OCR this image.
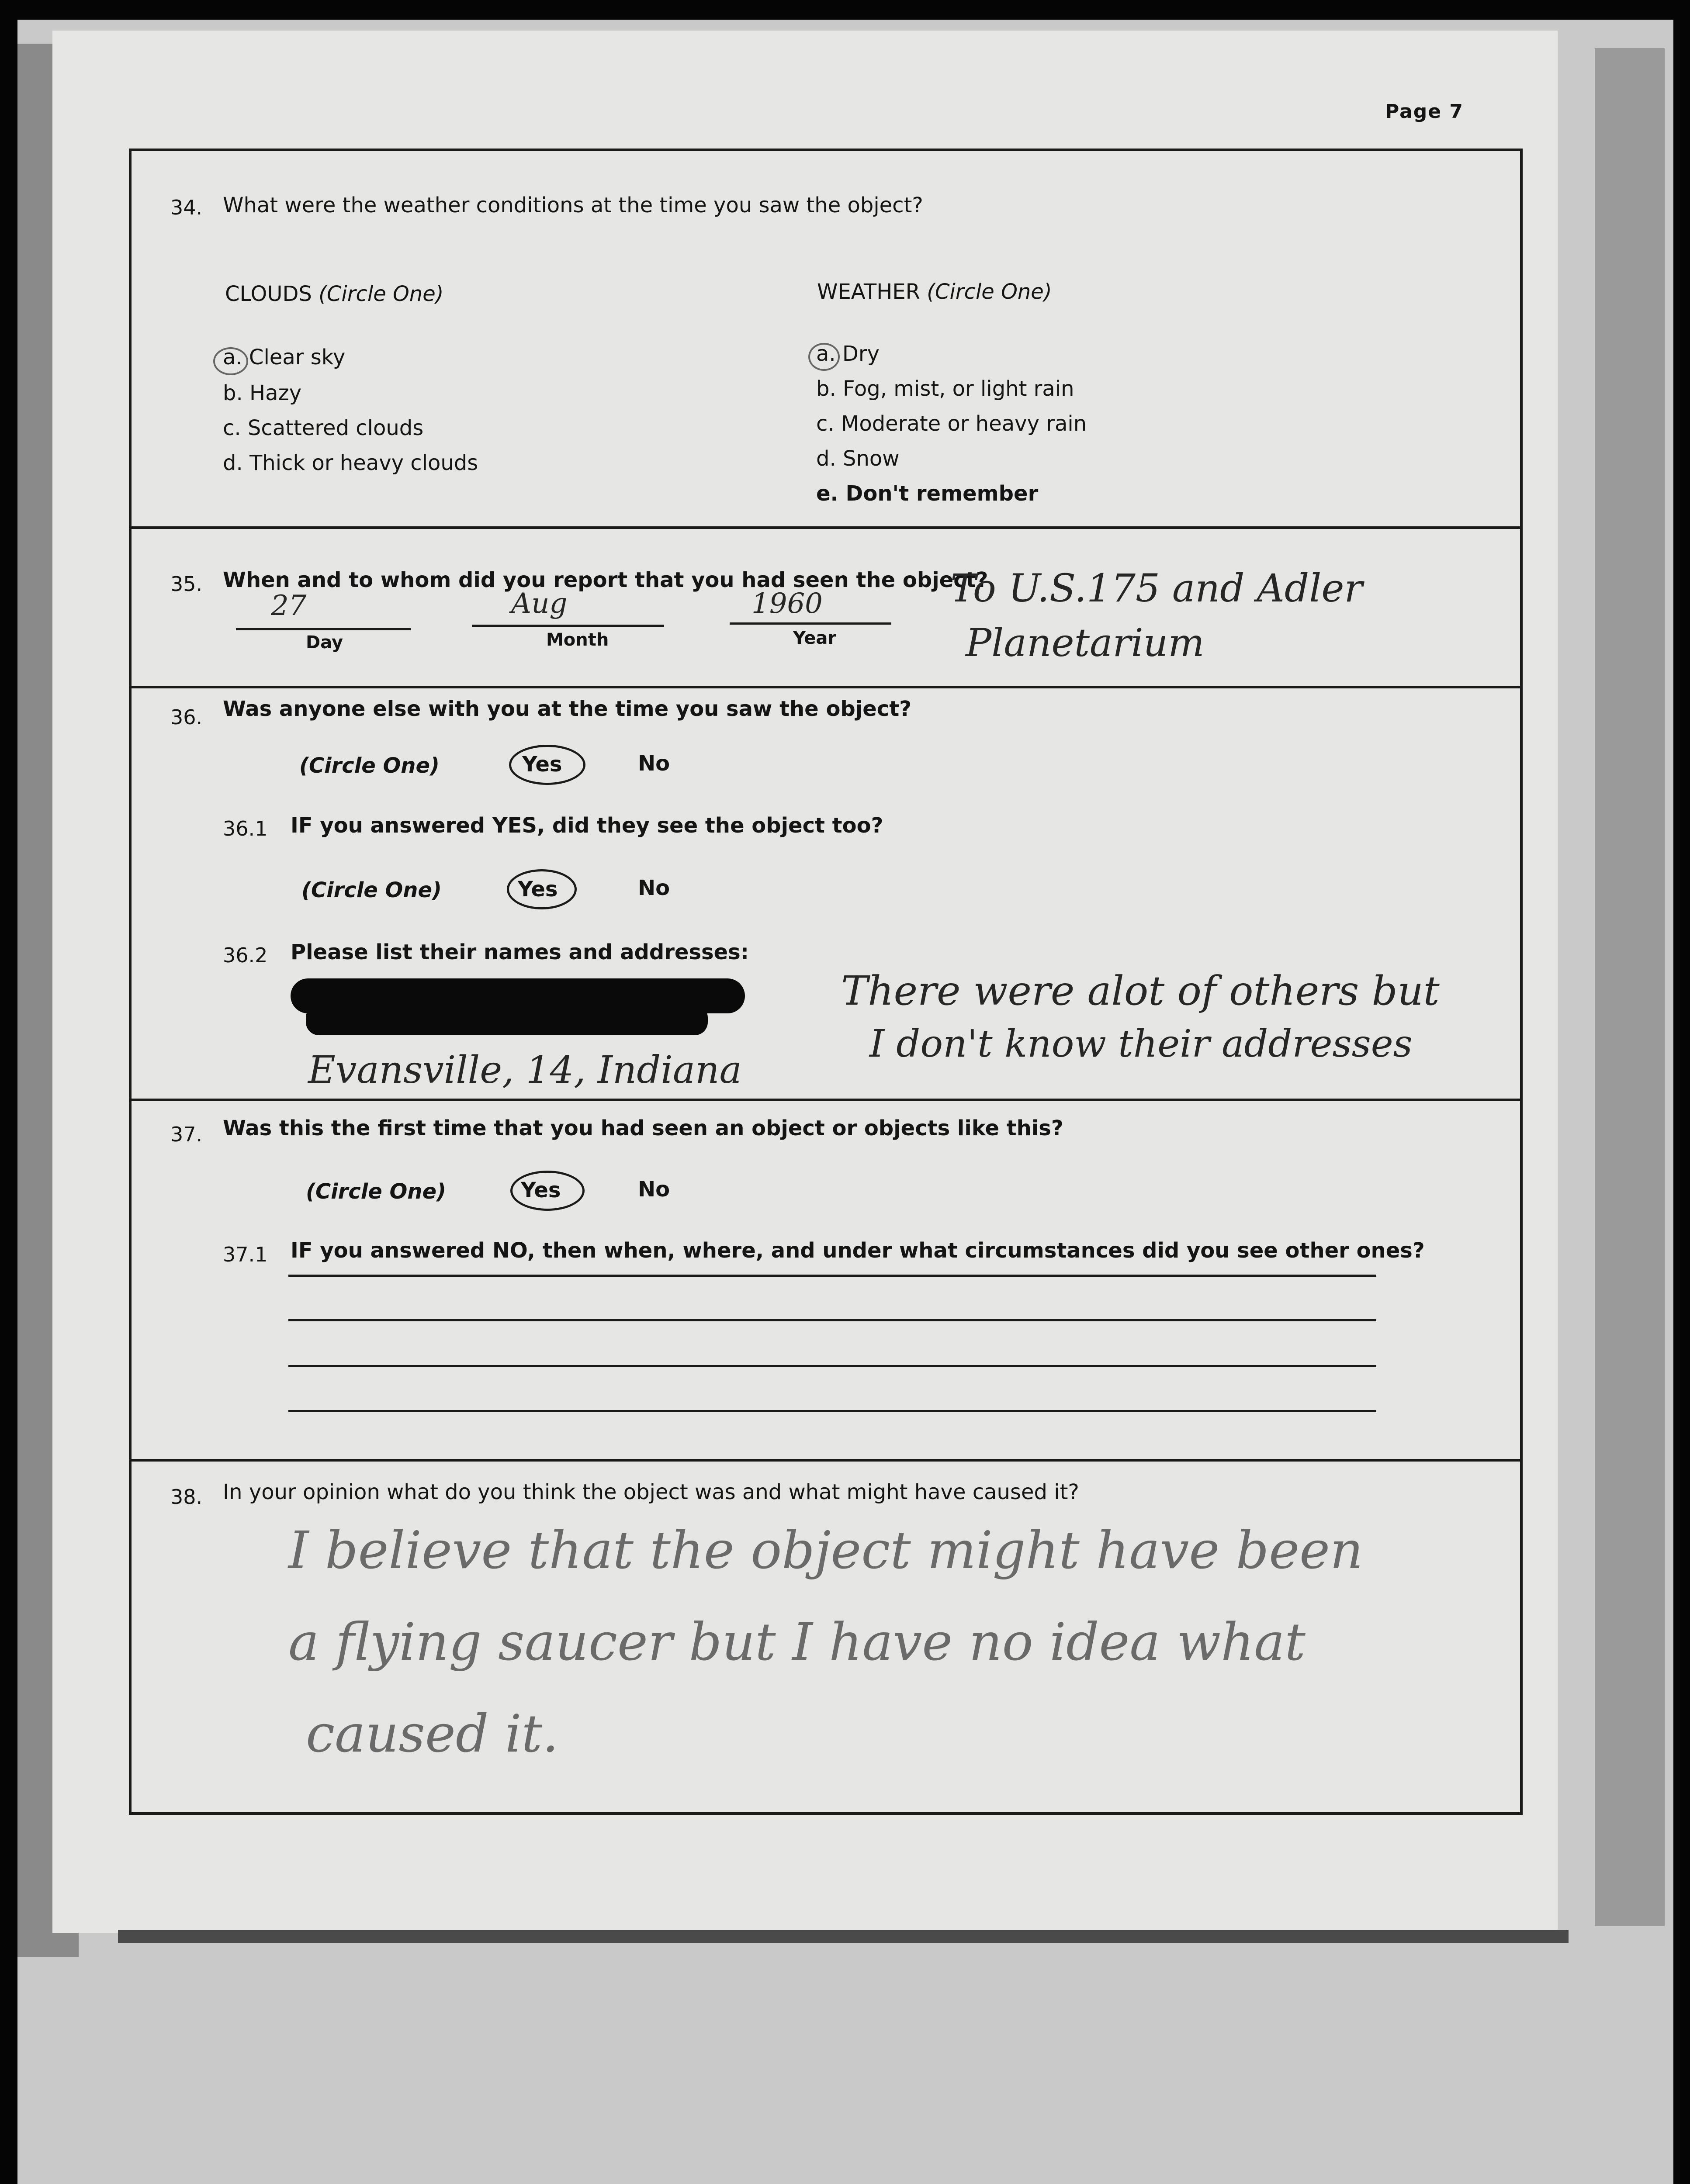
Page 7
34. What were the weather conditions at the time you saw the object?
CLOUDS (Circle One)
a. Clear sky
b. Hazy
c. Scattered clouds
d. Thick or heavy clouds
WEATHER (Circle One)
a. Dry
b. Fog, mist, or light rain
c. Moderate or heavy rain
d. Snow
e. Don't remember
35. When and to whom did you report that you had seen the object?
27
Day
Aug
Month
1960
Year
To U.S.175 and Adler
Planetarium
36. Was anyone else with you at the time you saw the object?
(Circle One)	Yes	No
36.1 IF you answered YES, did they see the object too?
(Circle One)	Yes	No
36.2 Please list their names and addresses:
Evansville, 14, Indiana
There were alot of others but
I don't know their addresses
37. Was this the first time that you had seen an object or objects like this?
(Circle One)	Yes	No
37.1 IF you answered NO, then when, where, and under what circumstances did you see other ones?
38. In your opinion what do you think the object was and what might have caused it?
I believe that the object might have been
a flying saucer but I have no idea what
caused it.
